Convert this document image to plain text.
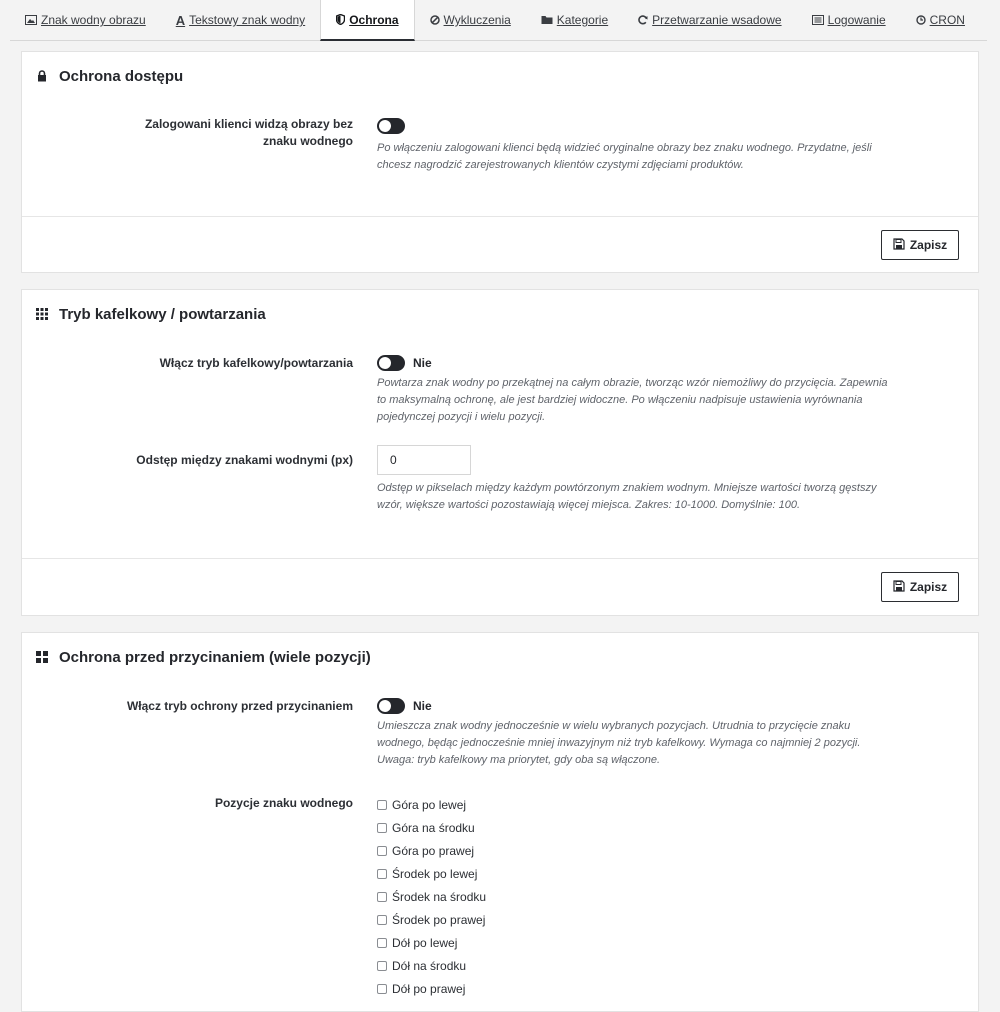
Znak wodny obrazu A Tekstowy znak wodny	Ochrona	Wykluczenia	Kategorie	Przetwarzanie wsadowe	Logowanie	CRON
Ochrona dostępu
Zalogowani klienci widzą obrazy bez znaku wodnego Po włączeniu zalogowani klienci będą widzieć oryginalne obrazy bez znaku wodnego. Przydatne, jeśli chcesz nagrodzić zarejestrowanych klientów czystymi zdjęciami produktów.
Zapisz
Tryb kafelkowy / powtarzania
Włącz tryb kafelkowy/powtarzania	Nie
Powtarza znak wodny po przekątnej na całym obrazie, tworząc wzór niemożliwy do przycięcia. Zapewnia to maksymalną ochronę, ale jest bardziej widoczne. Po włączeniu nadpisuje ustawienia wyrównania pojedynczej pozycji i wielu pozycji.
Odstęp między znakami wodnymi (px)	0
Odstęp w pikselach między każdym powtórzonym znakiem wodnym. Mniejsze wartości tworzą gęstszy wzór, większe wartości pozostawiają więcej miejsca. Zakres: 10-1000. Domyślnie: 100.
Zapisz
Ochrona przed przycinaniem (wiele pozycji)
Włącz tryb ochrony przed przycinaniem	Nie
Umieszcza znak wodny jednocześnie w wielu wybranych pozycjach. Utrudnia to przycięcie znaku wodnego, będąc jednocześnie mniej inwazyjnym niż tryb kafelkowy. Wymaga co najmniej 2 pozycji. Uwaga: tryb kafelkowy ma priorytet, gdy oba są włączone.
Pozycje znaku wodnego	Góra po lewej
Góra na środku
Góra po prawej
Środek po lewej
Środek na środku
Środek po prawej
Dół po lewej
Dół na środku
Dół po prawej
